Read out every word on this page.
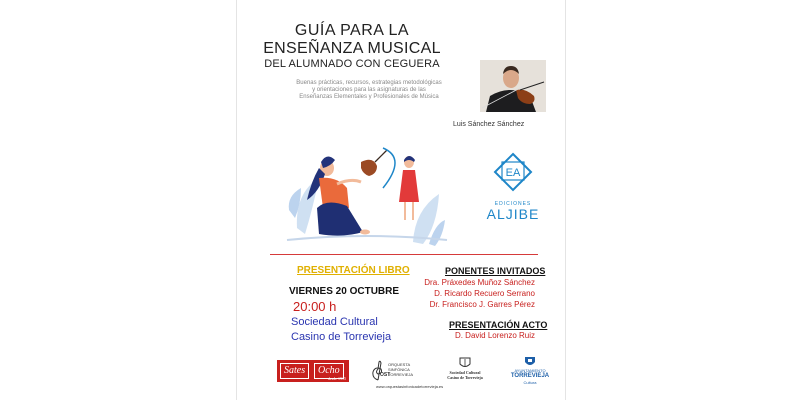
GUÍA PARA LA
ENSEÑANZA MUSICAL
DEL ALUMNADO CON CEGUERA
Buenas prácticas, recursos, estrategias metodológicas
y orientaciones para las asignaturas de las
Enseñanzas Elementales y Profesionales de Música
Luis Sánchez Sánchez
EA
EDICIONES
ALJIBE
PRESENTACIÓN LIBRO
VIERNES 20 OCTUBRE
20:00 h
Sociedad Cultural
Casino de Torrevieja
PONENTES INVITADOS
Dra. Práxedes Muñoz Sánchez
D. Ricardo Recuero Serrano
Dr. Francisco J. Garres Pérez
PRESENTACIÓN ACTO
D. David Lorenzo Ruiz
Sates	Ocho
desde 1915
OST
ORQUESTA
SINFÓNICA
TORREVIEJA
www.orquestasinfonicadetorrevieja.es
Sociedad Cultural
Casino de Torrevieja
AYUNTAMIENTO
TORREVIEJA
Cultura
